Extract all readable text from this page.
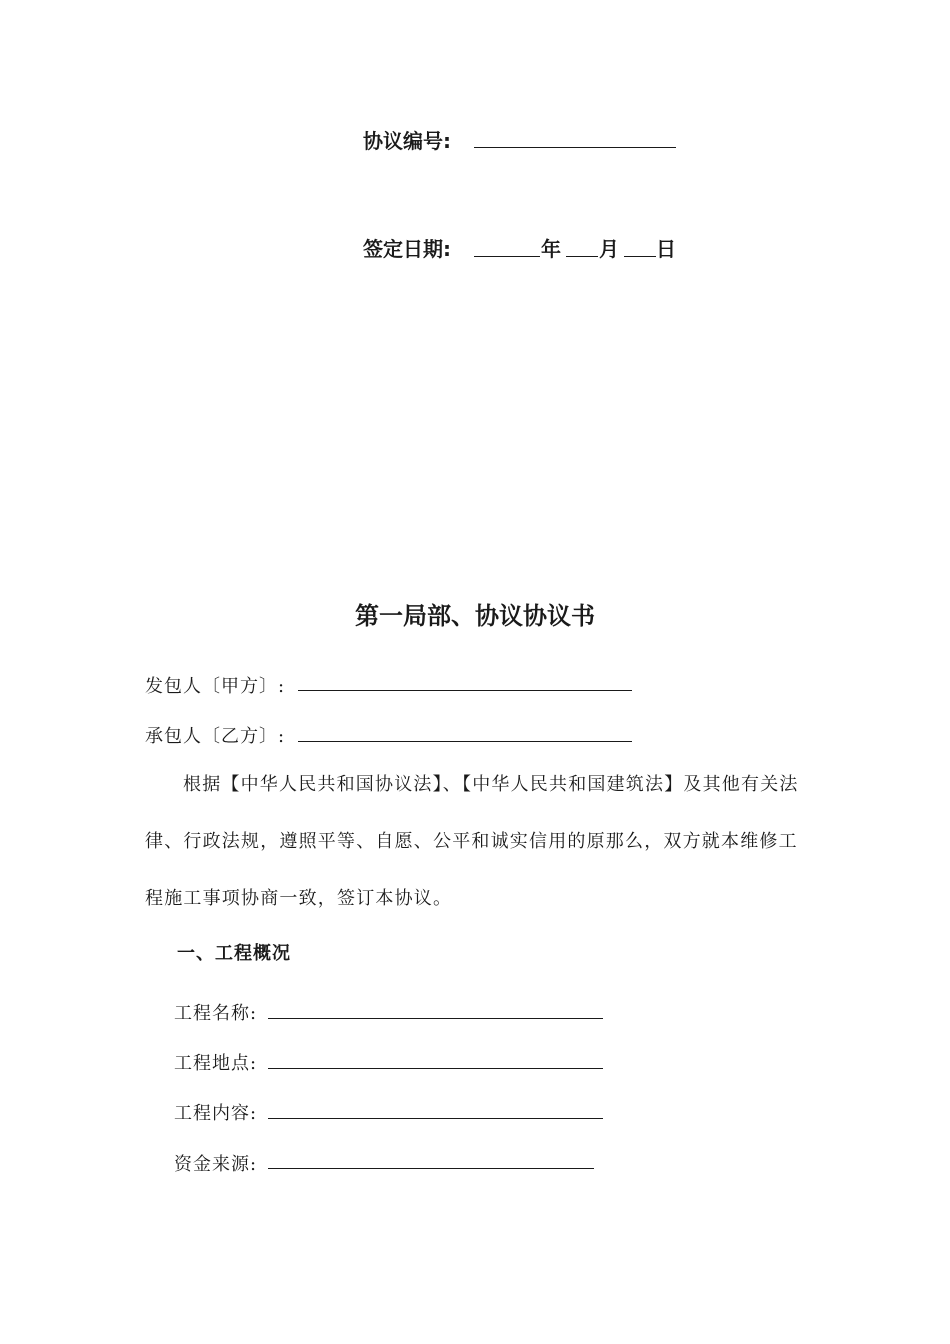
协议编号:
签定日期:	年 月 日
第一局部、协议协议书
发包人〔甲方〕:
承包人〔乙方〕:
根据【中华人民共和国协议法】、【中华人民共和国建筑法】及其他有关法律、行政法规，遵照平等、自愿、公平和诚实信用的原那么，双方就本维修工程施工事项协商一致，签订本协议。
一、工程概况
工程名称:
工程地点:
工程内容:
资金来源:
